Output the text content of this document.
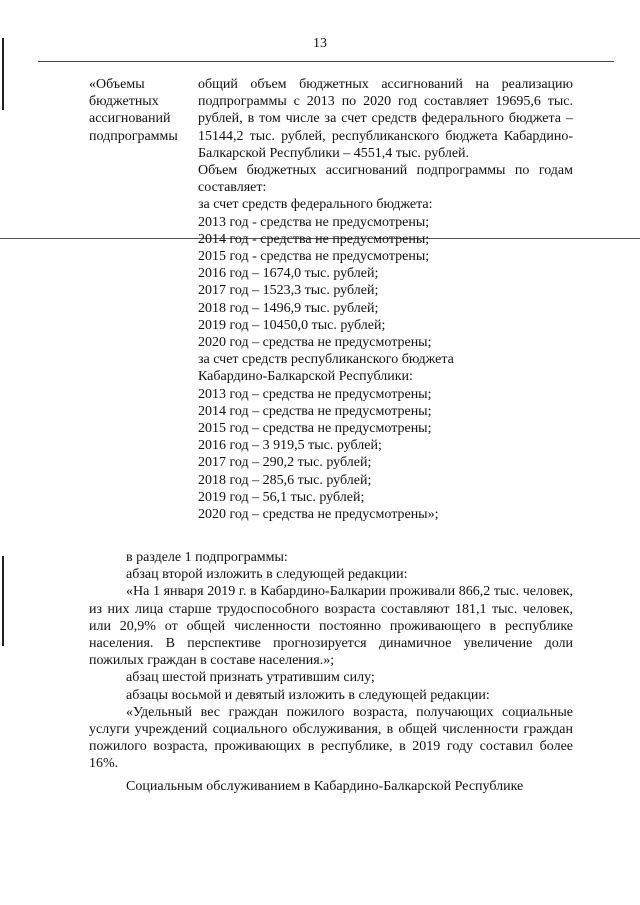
13
«Объемы
бюджетных
ассигнований
подпрограммы
общий объем бюджетных ассигнований на реализацию подпрограммы с 2013 по 2020 год составляет 19695,6 тыс. рублей, в том числе за счет средств федерального бюджета – 15144,2 тыс. рублей, республиканского бюджета Кабардино-Балкарской Республики – 4551,4 тыс. рублей.
Объем бюджетных ассигнований подпрограммы по годам составляет:
за счет средств федерального бюджета:
2013 год - средства не предусмотрены;
2014 год - средства не предусмотрены;
2015 год - средства не предусмотрены;
2016 год – 1674,0 тыс. рублей;
2017 год – 1523,3 тыс. рублей;
2018 год – 1496,9 тыс. рублей;
2019 год – 10450,0 тыс. рублей;
2020 год – средства не предусмотрены;
за счет средств республиканского бюджета
Кабардино-Балкарской Республики:
2013 год – средства не предусмотрены;
2014 год – средства не предусмотрены;
2015 год – средства не предусмотрены;
2016 год – 3 919,5 тыс. рублей;
2017 год – 290,2 тыс. рублей;
2018 год – 285,6 тыс. рублей;
2019 год – 56,1 тыс. рублей;
2020 год – средства не предусмотрены»;
в разделе 1 подпрограммы:
абзац второй изложить в следующей редакции:
«На 1 января 2019 г. в Кабардино-Балкарии проживали 866,2 тыс. человек, из них лица старше трудоспособного возраста составляют 181,1 тыс. человек, или 20,9% от общей численности постоянно проживающего в республике населения. В перспективе прогнозируется динамичное увеличение доли пожилых граждан в составе населения.»;
абзац шестой признать утратившим силу;
абзацы восьмой и девятый изложить в следующей редакции:
«Удельный вес граждан пожилого возраста, получающих социальные услуги учреждений социального обслуживания, в общей численности граждан пожилого возраста, проживающих в республике, в 2019 году составил более 16%.
Социальным обслуживанием в Кабардино-Балкарской Республике
